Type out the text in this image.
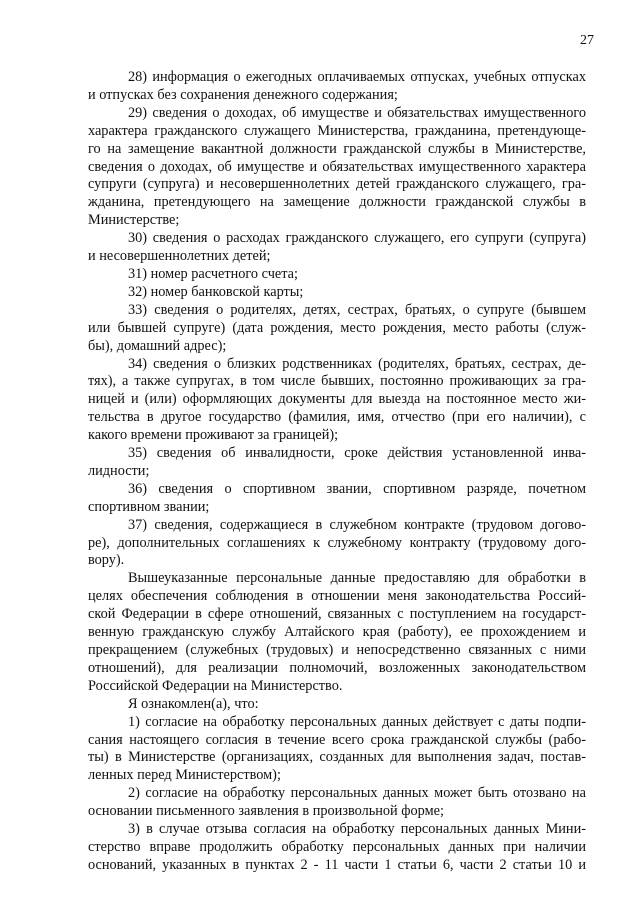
27
28) информация о ежегодных оплачиваемых отпусках, учебных отпусках
и отпусках без сохранения денежного содержания;
29) сведения о доходах, об имуществе и обязательствах имущественного
характера гражданского служащего Министерства, гражданина, претендующе-
го на замещение вакантной должности гражданской службы в Министерстве,
сведения о доходах, об имуществе и обязательствах имущественного характера
супруги (супруга) и несовершеннолетних детей гражданского служащего, гра-
жданина, претендующего на замещение должности гражданской службы в
Министерстве;
30) сведения о расходах гражданского служащего, его супруги (супруга)
и несовершеннолетних детей;
31) номер расчетного счета;
32) номер банковской карты;
33) сведения о родителях, детях, сестрах, братьях, о супруге (бывшем
или бывшей супруге) (дата рождения, место рождения, место работы (служ-
бы), домашний адрес);
34) сведения о близких родственниках (родителях, братьях, сестрах, де-
тях), а также супругах, в том числе бывших, постоянно проживающих за гра-
ницей и (или) оформляющих документы для выезда на постоянное место жи-
тельства в другое государство (фамилия, имя, отчество (при его наличии), с
какого времени проживают за границей);
35) сведения об инвалидности, сроке действия установленной инва-
лидности;
36) сведения о спортивном звании, спортивном разряде, почетном
спортивном звании;
37) сведения, содержащиеся в служебном контракте (трудовом догово-
ре), дополнительных соглашениях к служебному контракту (трудовому дого-
вору).
Вышеуказанные персональные данные предоставляю для обработки в
целях обеспечения соблюдения в отношении меня законодательства Россий-
ской Федерации в сфере отношений, связанных с поступлением на государст-
венную гражданскую службу Алтайского края (работу), ее прохождением и
прекращением (служебных (трудовых) и непосредственно связанных с ними
отношений), для реализации полномочий, возложенных законодательством
Российской Федерации на Министерство.
Я ознакомлен(а), что:
1) согласие на обработку персональных данных действует с даты подпи-
сания настоящего согласия в течение всего срока гражданской службы (рабо-
ты) в Министерстве (организациях, созданных для выполнения задач, постав-
ленных перед Министерством);
2) согласие на обработку персональных данных может быть отозвано на
основании письменного заявления в произвольной форме;
3) в случае отзыва согласия на обработку персональных данных Мини-
стерство вправе продолжить обработку персональных данных при наличии
оснований, указанных в пунктах 2 - 11 части 1 статьи 6, части 2 статьи 10 и
